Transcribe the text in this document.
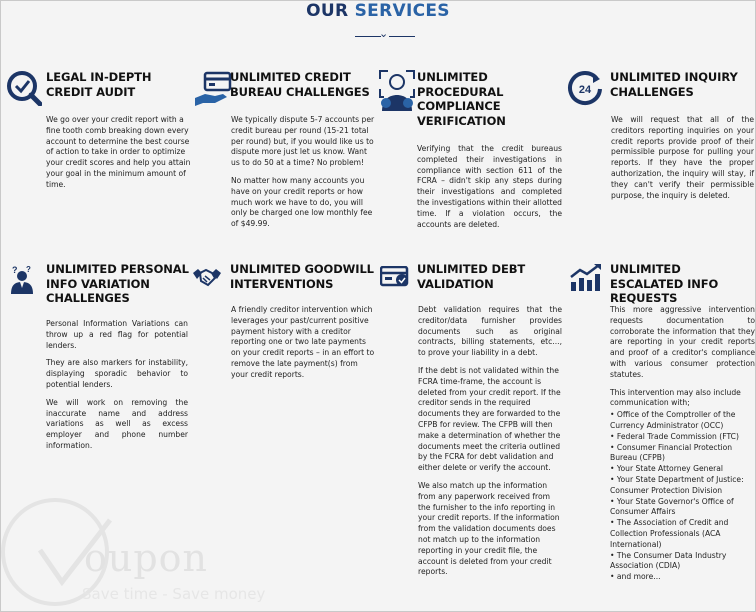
OUR SERVICES
⌄
oupon
Save time - Save money
LEGAL IN-DEPTH CREDIT AUDIT

We go over your credit report with a fine tooth comb breaking down every account to determine the best course of action to take in order to optimize your credit scores and help you attain your goal in the minimum amount of time.

UNLIMITED CREDIT BUREAU CHALLENGES

We typically dispute 5-7 accounts per credit bureau per round (15-21 total per round) but, if you would like us to dispute more just let us know. Want us to do 50 at a time? No problem!

No matter how many accounts you have on your credit reports or how much work we have to do, you will only be charged one low monthly fee of $49.99.

UNLIMITED PROCEDURAL COMPLIANCE VERIFICATION

Verifying that the credit bureaus completed their investigations in compliance with section 611 of the FCRA – didn't skip any steps during their investigations and completed the investigations within their allotted time. If a violation occurs, the accounts are deleted.

24
UNLIMITED INQUIRY CHALLENGES

We will request that all of the creditors reporting inquiries on your credit reports provide proof of their permissible purpose for pulling your reports. If they have the proper authorization, the inquiry will stay, if they can't verify their permissible purpose, the inquiry is deleted.

? ? UNLIMITED PERSONAL INFO VARIATION CHALLENGES

Personal Information Variations can throw up a red flag for potential lenders.

They are also markers for instability, displaying sporadic behavior to potential lenders.

We will work on removing the inaccurate name and address variations as well as excess employer and phone number information.

UNLIMITED GOODWILL INTERVENTIONS

A friendly creditor intervention which leverages your past/current positive payment history with a creditor reporting one or two late payments on your credit reports – in an effort to remove the late payment(s) from your credit reports.

UNLIMITED DEBT VALIDATION

Debt validation requires that the creditor/data furnisher provides documents such as original contracts, billing statements, etc..., to prove your liability in a debt.

If the debt is not validated within the FCRA time-frame, the account is deleted from your credit report. If the creditor sends in the required documents they are forwarded to the CFPB for review. The CFPB will then make a determination of whether the documents meet the criteria outlined by the FCRA for debt validation and either delete or verify the account.

We also match up the information from any paperwork received from the furnisher to the info reporting in your credit reports. If the information from the validation documents does not match up to the information reporting in your credit file, the account is deleted from your credit reports.

UNLIMITED ESCALATED INFO REQUESTS

This more aggressive intervention requests documentation to corroborate the information that they are reporting in your credit reports and proof of a creditor's compliance with various consumer protection statutes.

This intervention may also include communication with;

• Office of the Comptroller of the Currency Administrator (OCC)
• Federal Trade Commission (FTC)
• Consumer Financial Protection Bureau (CFPB)
• Your State Attorney General
• Your State Department of Justice: Consumer Protection Division
• Your State Governor's Office of Consumer Affairs
• The Association of Credit and Collection Professionals (ACA International)
• The Consumer Data Industry Association (CDIA)
• and more...
